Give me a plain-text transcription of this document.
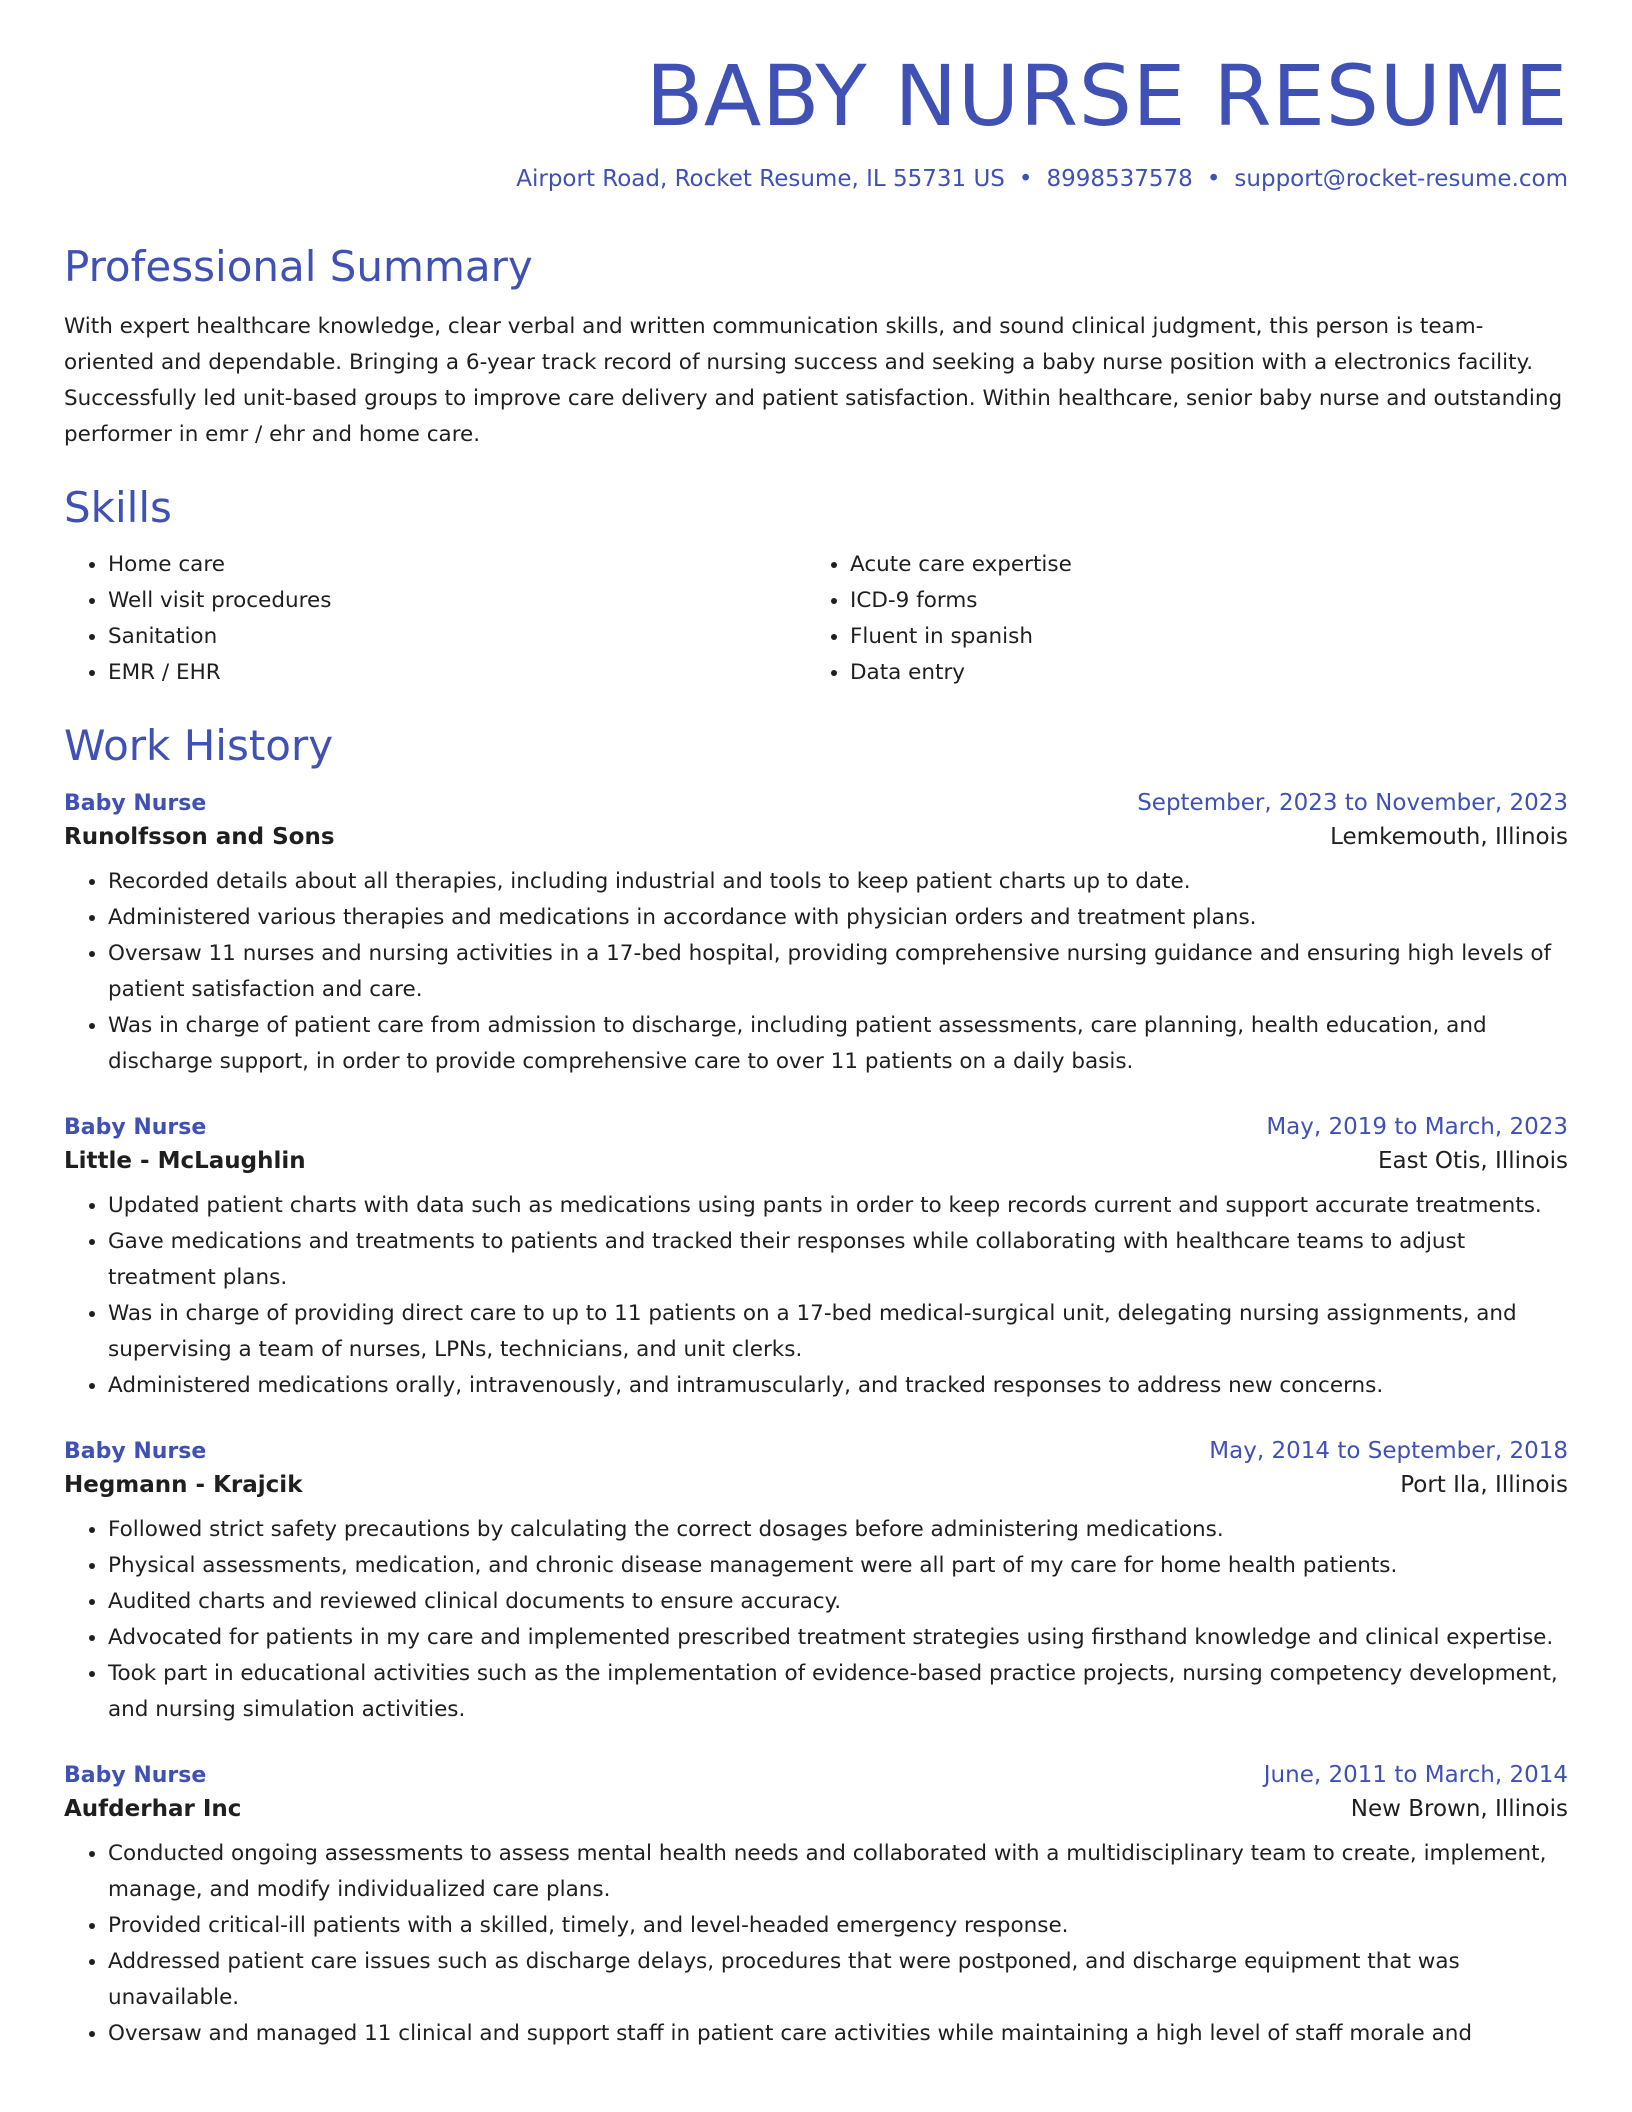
BABY NURSE RESUME
Airport Road, Rocket Resume, IL 55731 US • 8998537578 • support@rocket-resume.com
Professional Summary

With expert healthcare knowledge, clear verbal and written communication skills, and sound clinical judgment, this person is team-oriented and dependable. Bringing a 6-year track record of nursing success and seeking a baby nurse position with a electronics facility. Successfully led unit-based groups to improve care delivery and patient satisfaction. Within healthcare, senior baby nurse and outstanding performer in emr / ehr and home care.

Skills
• Home care
• Well visit procedures
• Sanitation
• EMR / EHR
• Acute care expertise
• ICD-9 forms
• Fluent in spanish
• Data entry
Work History
Baby Nurse	September, 2023 to November, 2023
Runolfsson and Sons	Lemkemouth, Illinois
• Recorded details about all therapies, including industrial and tools to keep patient charts up to date.
• Administered various therapies and medications in accordance with physician orders and treatment plans.
• Oversaw 11 nurses and nursing activities in a 17-bed hospital, providing comprehensive nursing guidance and ensuring high levels of patient satisfaction and care.
• Was in charge of patient care from admission to discharge, including patient assessments, care planning, health education, and discharge support, in order to provide comprehensive care to over 11 patients on a daily basis.
Baby Nurse	May, 2019 to March, 2023
Little - McLaughlin	East Otis, Illinois
• Updated patient charts with data such as medications using pants in order to keep records current and support accurate treatments.
• Gave medications and treatments to patients and tracked their responses while collaborating with healthcare teams to adjust treatment plans.
• Was in charge of providing direct care to up to 11 patients on a 17-bed medical-surgical unit, delegating nursing assignments, and supervising a team of nurses, LPNs, technicians, and unit clerks.
• Administered medications orally, intravenously, and intramuscularly, and tracked responses to address new concerns.
Baby Nurse	May, 2014 to September, 2018
Hegmann - Krajcik	Port Ila, Illinois
• Followed strict safety precautions by calculating the correct dosages before administering medications.
• Physical assessments, medication, and chronic disease management were all part of my care for home health patients.
• Audited charts and reviewed clinical documents to ensure accuracy.
• Advocated for patients in my care and implemented prescribed treatment strategies using firsthand knowledge and clinical expertise.
• Took part in educational activities such as the implementation of evidence-based practice projects, nursing competency development, and nursing simulation activities.
Baby Nurse	June, 2011 to March, 2014
Aufderhar Inc	New Brown, Illinois
• Conducted ongoing assessments to assess mental health needs and collaborated with a multidisciplinary team to create, implement, manage, and modify individualized care plans.
• Provided critical-ill patients with a skilled, timely, and level-headed emergency response.
• Addressed patient care issues such as discharge delays, procedures that were postponed, and discharge equipment that was unavailable.
• Oversaw and managed 11 clinical and support staff in patient care activities while maintaining a high level of staff morale and
